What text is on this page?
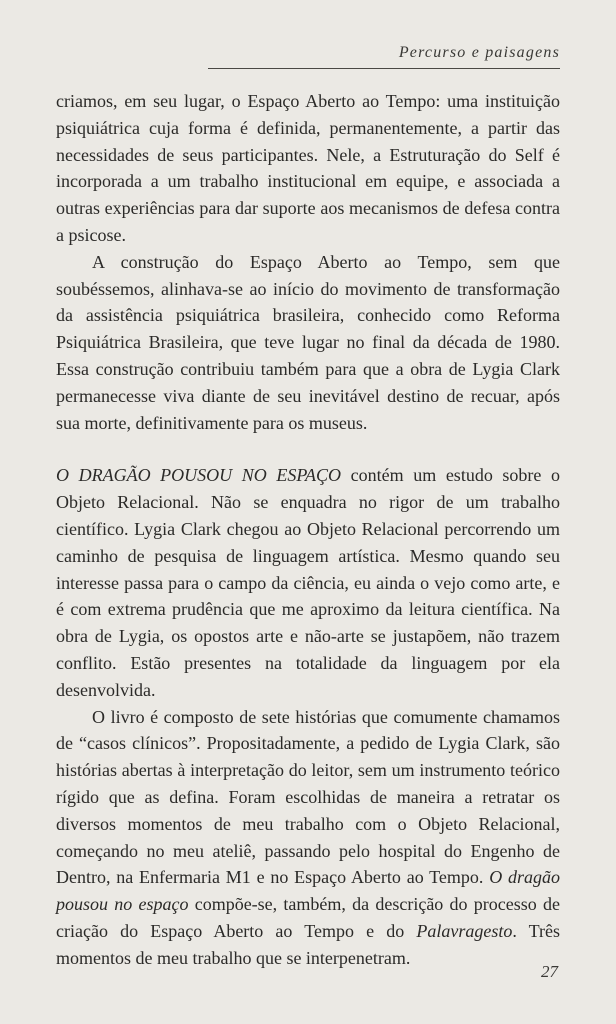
Percurso e paisagens

criamos, em seu lugar, o Espaço Aberto ao Tempo: uma instituição psiquiátrica cuja forma é definida, permanentemente, a partir das necessidades de seus participantes. Nele, a Estruturação do Self é incorporada a um trabalho institucional em equipe, e associada a outras experiências para dar suporte aos mecanismos de defesa contra a psicose.

A construção do Espaço Aberto ao Tempo, sem que soubéssemos, alinhava-se ao início do movimento de transformação da assistência psiquiátrica brasileira, conhecido como Reforma Psiquiátrica Brasileira, que teve lugar no final da década de 1980. Essa construção contribuiu também para que a obra de Lygia Clark permanecesse viva diante de seu inevitável destino de recuar, após sua morte, definitivamente para os museus.

O DRAGÃO POUSOU NO ESPAÇO contém um estudo sobre o Objeto Relacional. Não se enquadra no rigor de um trabalho científico. Lygia Clark chegou ao Objeto Relacional percorrendo um caminho de pesquisa de linguagem artística. Mesmo quando seu interesse passa para o campo da ciência, eu ainda o vejo como arte, e é com extrema prudência que me aproximo da leitura científica. Na obra de Lygia, os opostos arte e não-arte se justapõem, não trazem conflito. Estão presentes na totalidade da linguagem por ela desenvolvida.

O livro é composto de sete histórias que comumente chamamos de “casos clínicos”. Propositadamente, a pedido de Lygia Clark, são histórias abertas à interpretação do leitor, sem um instrumento teórico rígido que as defina. Foram escolhidas de maneira a retratar os diversos momentos de meu trabalho com o Objeto Relacional, começando no meu ateliê, passando pelo hospital do Engenho de Dentro, na Enfermaria M1 e no Espaço Aberto ao Tempo. O dragão pousou no espaço compõe-se, também, da descrição do processo de criação do Espaço Aberto ao Tempo e do Palavragesto. Três momentos de meu trabalho que se interpenetram.

27
